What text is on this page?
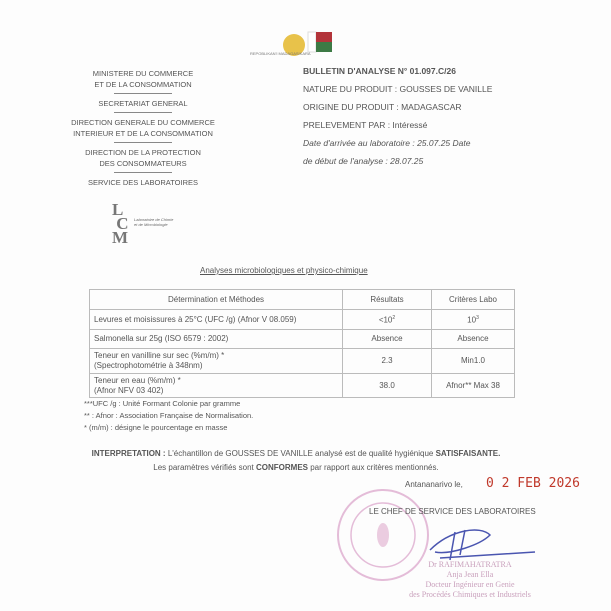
REPOBLIKAN'I MADAGASIKARA
MINISTERE DU COMMERCE
ET DE LA CONSOMMATION
SECRETARIAT GENERAL
DIRECTION GENERALE DU COMMERCE
INTERIEUR ET DE LA CONSOMMATION
DIRECTION DE LA PROTECTION
DES CONSOMMATEURS
SERVICE DES LABORATOIRES
L
C
M
Laboratoire de Chimie et de Microbiologie
BULLETIN D'ANALYSE N° 01.097.C/26
NATURE DU PRODUIT : GOUSSES DE VANILLE
ORIGINE DU PRODUIT : MADAGASCAR
PRELEVEMENT PAR : Intéressé
Date d'arrivée au laboratoire : 25.07.25 Date
de début de l'analyse : 28.07.25
Analyses microbiologiques et physico-chimique
Détermination et Méthodes	Résultats	Critères Labo
Levures et moisissures à 25°C (UFC /g) (Afnor V 08.059)	$<10^2$	$10^3$
Salmonella sur 25g (ISO 6579 : 2002)	Absence	Absence

Teneur en vanilline sur sec (%m/m) *
(Spectrophotométrie à 348nm)	2.3	Min1.0

Teneur en eau (%m/m) *
(Afnor NFV 03 402)	38.0	Afnor** Max 38
***UFC /g : Unité Formant Colonie par gramme
** : Afnor : Association Française de Normalisation.
* (m/m) : désigne le pourcentage en masse
INTERPRETATION : L'échantillon de GOUSSES DE VANILLE analysé est de qualité hygiénique SATISFAISANTE.
Les paramètres vérifiés sont CONFORMES par rapport aux critères mentionnés.
Antananarivo le, 0 2 FEB 2026
LE CHEF DE SERVICE DES LABORATOIRES
Dr RAFIMAHATRATRA
Anja Jean Ella
Docteur Ingénieur en Genie
des Procédés Chimiques et Industriels
